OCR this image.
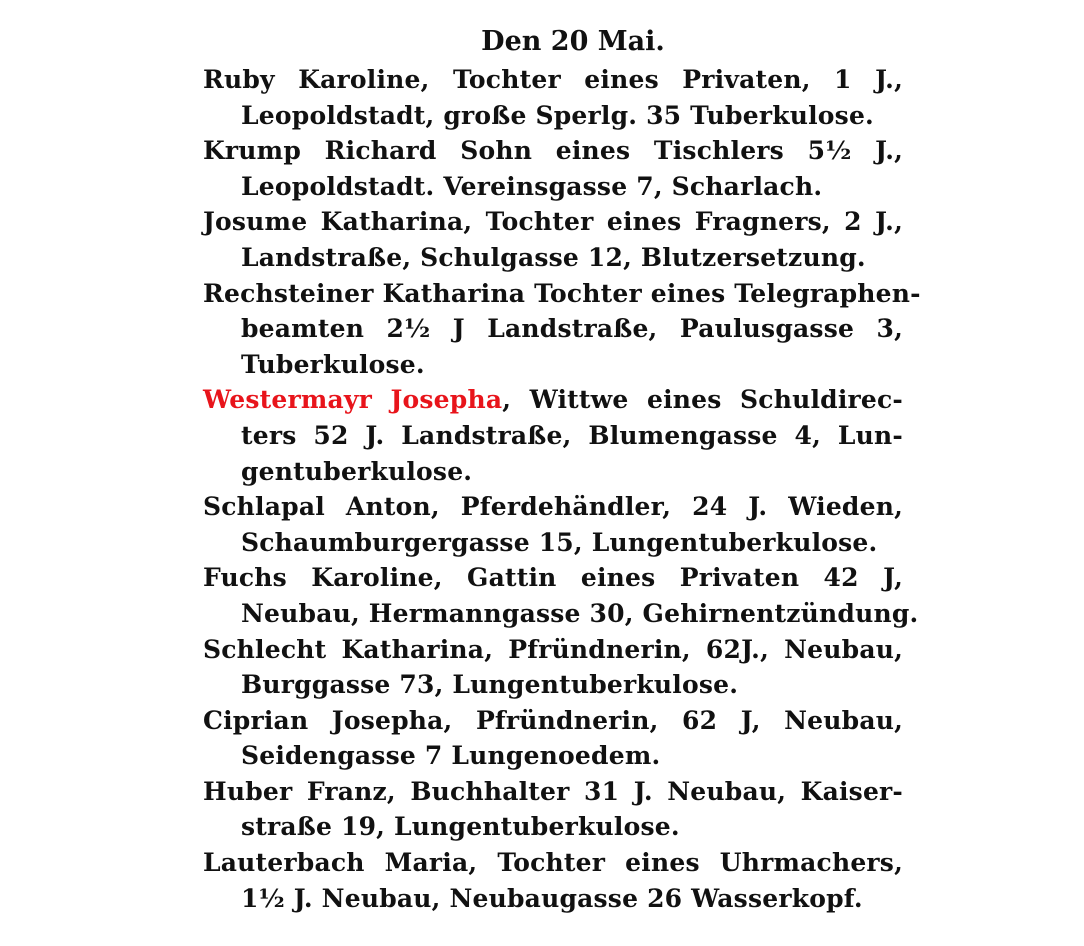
Den 20 Mai.
Ruby Karoline, Tochter eines Privaten, 1 J.,
Leopoldstadt, große Sperlg. 35 Tuberkulose.
Krump Richard Sohn eines Tischlers 5½ J.,
Leopoldstadt. Vereinsgasse 7, Scharlach.
Josume Katharina, Tochter eines Fragners, 2 J.,
Landstraße, Schulgasse 12, Blutzersetzung.
Rechsteiner Katharina Tochter eines Telegraphen-
beamten 2½ J Landstraße, Paulusgasse 3,
Tuberkulose.
Westermayr Josepha, Wittwe eines Schuldirec-
ters 52 J. Landstraße, Blumengasse 4, Lun-
gentuberkulose.
Schlapal Anton, Pferdehändler, 24 J. Wieden,
Schaumburgergasse 15, Lungentuberkulose.
Fuchs Karoline, Gattin eines Privaten 42 J,
Neubau, Hermanngasse 30, Gehirnentzündung.
Schlecht Katharina, Pfründnerin, 62J., Neubau,
Burggasse 73, Lungentuberkulose.
Ciprian Josepha, Pfründnerin, 62 J, Neubau,
Seidengasse 7 Lungenoedem.
Huber Franz, Buchhalter 31 J. Neubau, Kaiser-
straße 19, Lungentuberkulose.
Lauterbach Maria, Tochter eines Uhrmachers,
1½ J. Neubau, Neubaugasse 26 Wasserkopf.
